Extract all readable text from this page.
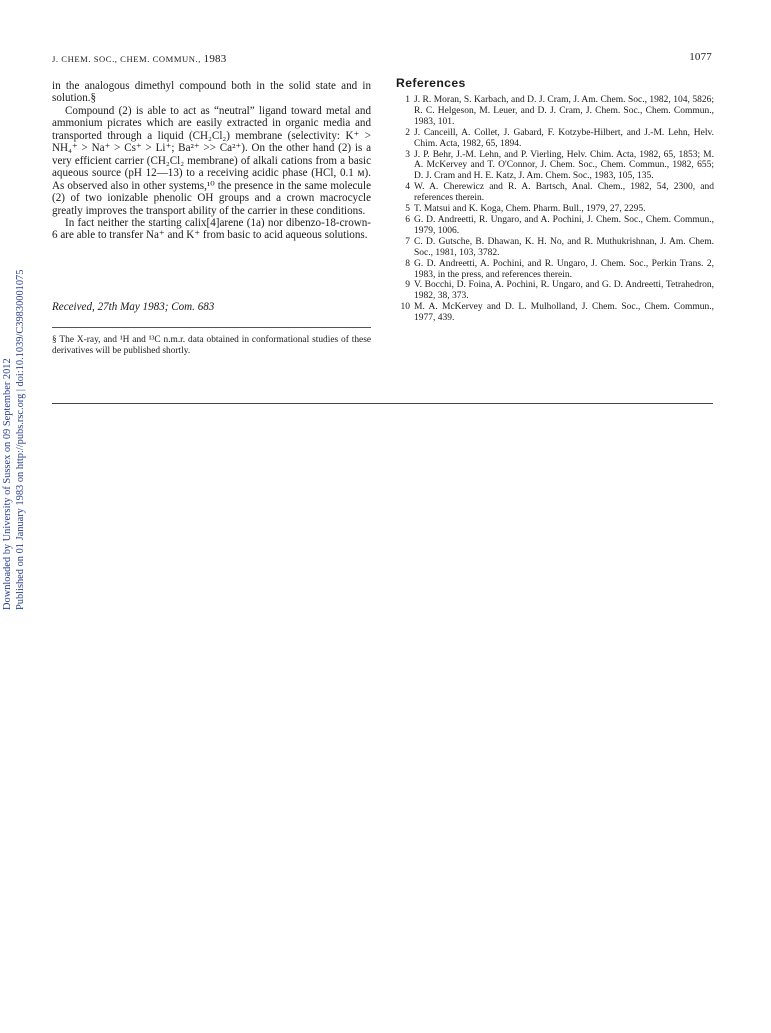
J. CHEM. SOC., CHEM. COMMUN., 1983	1077
Downloaded by University of Sussex on 09 September 2012 Published on 01 January 1983 on http://pubs.rsc.org | doi:10.1039/C39830001075

in the analogous dimethyl compound both in the solid state and in solution.§

Compound (2) is able to act as “neutral” ligand toward metal and ammonium picrates which are easily extracted in organic media and transported through a liquid (CH₂Cl₂) membrane (selectivity: K⁺ > NH₄⁺ > Na⁺ > Cs⁺ > Li⁺; Ba²⁺ >> Ca²⁺). On the other hand (2) is a very efficient carrier (CH₂Cl₂ membrane) of alkali cations from a basic aqueous source (pH 12—13) to a receiving acidic phase (HCl, 0.1 ᴍ). As observed also in other systems,¹⁰ the presence in the same molecule (2) of two ionizable phenolic OH groups and a crown macrocycle greatly improves the transport ability of the carrier in these conditions.

In fact neither the starting calix[4]arene (1a) nor dibenzo-18-crown-6 are able to transfer Na⁺ and K⁺ from basic to acid aqueous solutions.

Received, 27th May 1983; Com. 683
§ The X-ray, and ¹H and ¹³C n.m.r. data obtained in conformational studies of these derivatives will be published shortly.
References
1 J. R. Moran, S. Karbach, and D. J. Cram, J. Am. Chem. Soc., 1982, 104, 5826; R. C. Helgeson, M. Leuer, and D. J. Cram, J. Chem. Soc., Chem. Commun., 1983, 101.
2 J. Canceill, A. Collet, J. Gabard, F. Kotzybe-Hilbert, and J.-M. Lehn, Helv. Chim. Acta, 1982, 65, 1894.
3 J. P. Behr, J.-M. Lehn, and P. Vierling, Helv. Chim. Acta, 1982, 65, 1853; M. A. McKervey and T. O'Connor, J. Chem. Soc., Chem. Commun., 1982, 655; D. J. Cram and H. E. Katz, J. Am. Chem. Soc., 1983, 105, 135.
4 W. A. Cherewicz and R. A. Bartsch, Anal. Chem., 1982, 54, 2300, and references therein.
5 T. Matsui and K. Koga, Chem. Pharm. Bull., 1979, 27, 2295.
6 G. D. Andreetti, R. Ungaro, and A. Pochini, J. Chem. Soc., Chem. Commun., 1979, 1006.
7 C. D. Gutsche, B. Dhawan, K. H. No, and R. Muthukrishnan, J. Am. Chem. Soc., 1981, 103, 3782.
8 G. D. Andreetti, A. Pochini, and R. Ungaro, J. Chem. Soc., Perkin Trans. 2, 1983, in the press, and references therein.
9 V. Bocchi, D. Foina, A. Pochini, R. Ungaro, and G. D. Andreetti, Tetrahedron, 1982, 38, 373.
10 M. A. McKervey and D. L. Mulholland, J. Chem. Soc., Chem. Commun., 1977, 439.
